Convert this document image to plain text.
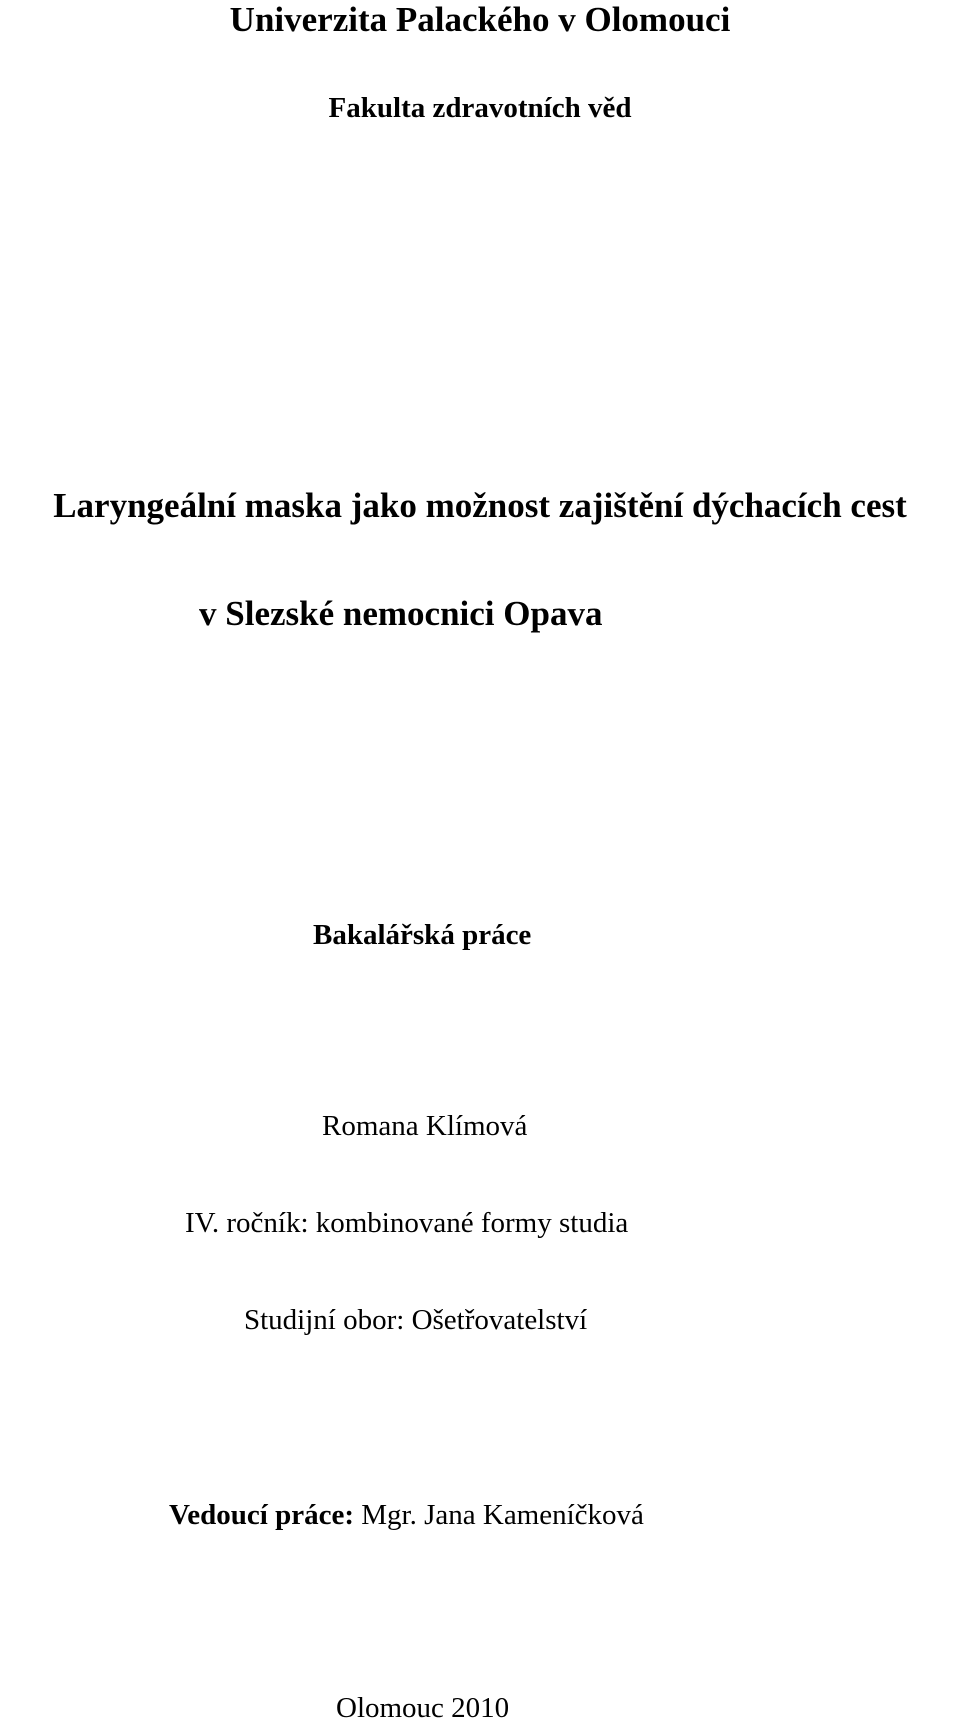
Univerzita Palackého v Olomouci
Fakulta zdravotních věd
Laryngeální maska jako možnost zajištění dýchacích cest
v Slezské nemocnici Opava
Bakalářská práce
Romana Klímová
IV. ročník: kombinované formy studia
Studijní obor: Ošetřovatelství
Vedoucí práce: Mgr. Jana Kameníčková
Olomouc 2010
